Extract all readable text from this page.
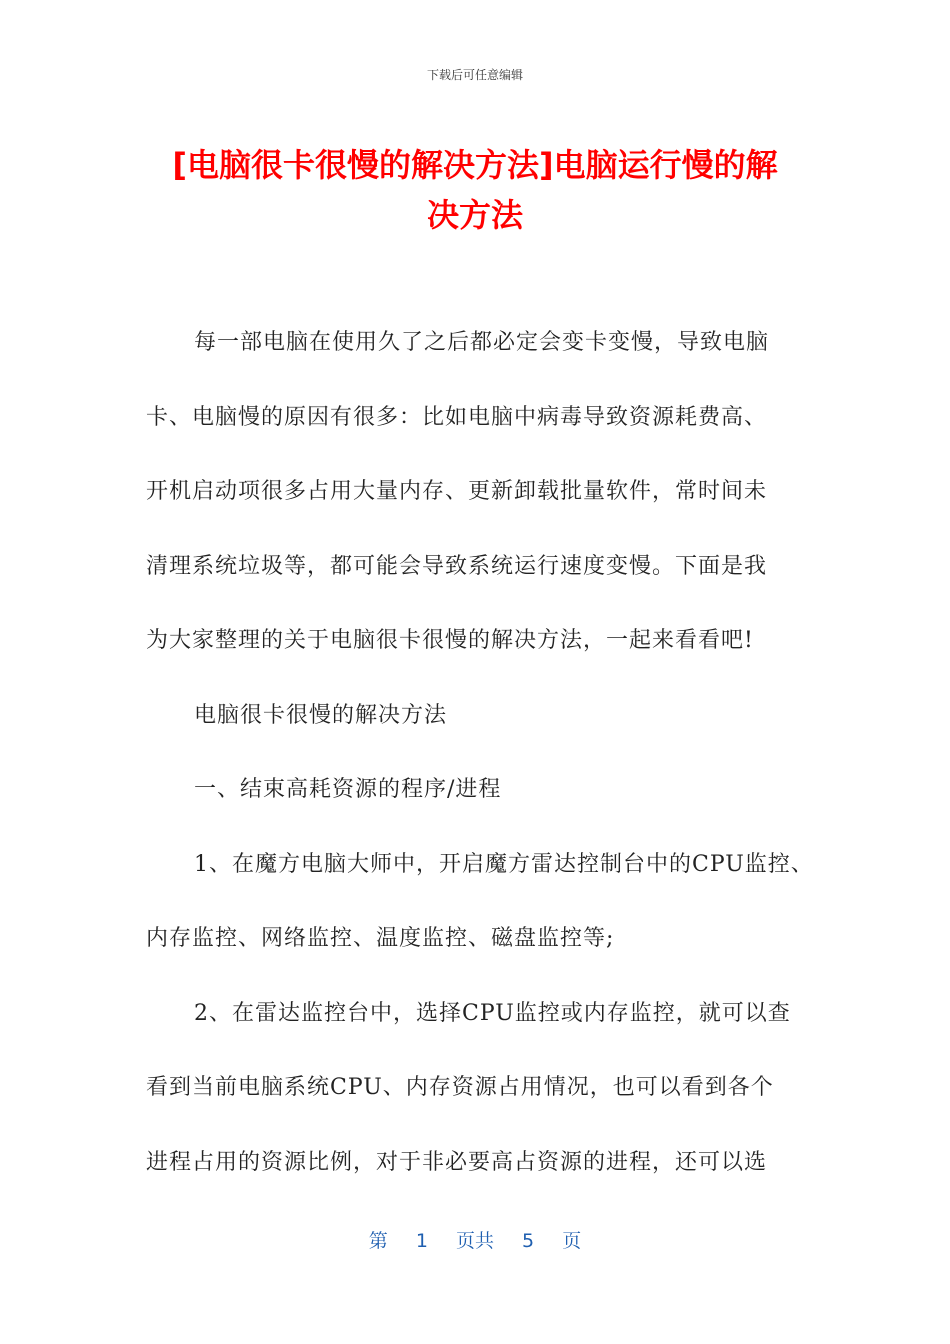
下载后可任意编辑
[电脑很卡很慢的解决方法]电脑运行慢的解
决方法
每一部电脑在使用久了之后都必定会变卡变慢，导致电脑
卡、电脑慢的原因有很多：比如电脑中病毒导致资源耗费高、
开机启动项很多占用大量内存、更新卸载批量软件，常时间未
清理系统垃圾等，都可能会导致系统运行速度变慢。下面是我
为大家整理的关于电脑很卡很慢的解决方法，一起来看看吧!
电脑很卡很慢的解决方法
一、结束高耗资源的程序/进程
1、在魔方电脑大师中，开启魔方雷达控制台中的CPU监控、
内存监控、网络监控、温度监控、磁盘监控等;
2、在雷达监控台中，选择CPU监控或内存监控，就可以查
看到当前电脑系统CPU、内存资源占用情况，也可以看到各个
进程占用的资源比例，对于非必要高占资源的进程，还可以选
第 1 页共 5 页
